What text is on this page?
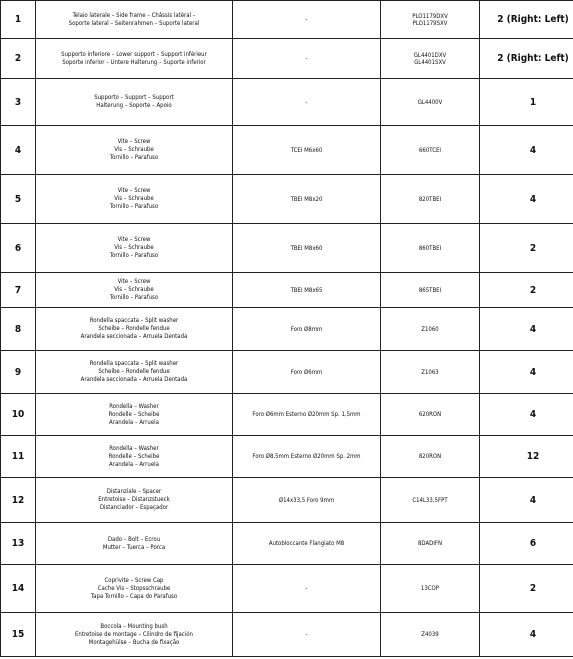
1	Telaio laterale – Side frame – Châssis latéral –
Soporte lateral – Seitenrahmen – Suporte lateral	-	PLO1179DXV
PLO1179SXV	2 (Right: Left)
2	Supporto inferiore – Lower support – Support inférieur
Soporte inferior – Untere Halterung – Suporte inferior	-	GL4401DXV
GL4401SXV	2 (Right: Left)
3	Supporto – Support – Support
Halterung – Soporte – Apoio	-	GL4400V	1
4	Vite – Screw
Vis – Schraube
Tornillo – Parafuso	TCEI M6x60	660TCEI	4
5	Vite – Screw
Vis – Schraube
Tornillo – Parafuso	TBEI M8x20	820TBEI	4
6	Vite – Screw
Vis – Schraube
Tornillo – Parafuso	TBEI M8x60	860TBEI	2
7	Vite – Screw
Vis – Schraube
Tornillo – Parafuso	TBEI M8x65	865TBEI	2
8	Rondella spaccata – Split washer
Scheibe – Rondelle fendue
Arandela seccionada – Arruela Dentada	Foro Ø8mm	Z1060	4
9	Rondella spaccata – Split washer
Scheibe – Rondelle fendue
Arandela seccionada – Arruela Dentada	Foro Ø6mm	Z1063	4
10	Rondella – Washer
Rondelle – Scheibe
Arandela – Arruela	Foro Ø6mm Esterno Ø20mm Sp. 1,5mm	620RON	4
11	Rondella – Washer
Rondelle – Scheibe
Arandela – Arruela	Foro Ø8,5mm Esterno Ø20mm Sp. 2mm	820RON	12
12	Distanziale – Spacer
Entretoise – Distanzstueck
Distanciador – Espaçador	Ø14x33,5 Foro 9mm	C14L33,5FPT	4
13	Dado – Bolt – Ecrou
Mutter – Tuerca – Porca	Autobloccante Flangiato M8	8DADIFN	6
14	Coprivite – Screw Cap
Cache Vis – Stopsschraube
Tapa Tornillo – Capa do Parafuso	-	13COP	2
15	Boccola – Mounting bush
Entretoise de montage – Cilindro de fijación
Montagehülse – Bucha de fixação	-	Z4039	4
